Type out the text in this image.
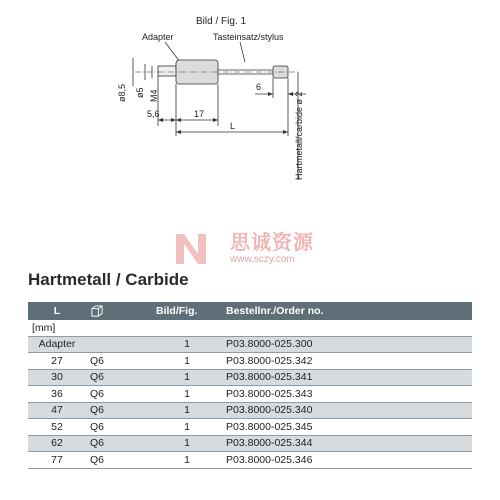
Bild / Fig. 1
Adapter	Tasteinsatz/stylus
ø8,5 ø5 M4
5,6	17
L
6
Hartmetall/carbide ø 2
思诚资源
www.sczy.com
Hartmetall / Carbide
L		Bild/Fig.	Bestellnr./Order no.
[mm]			
Adapter		1	P03.8000-025.300
27	Q6	1	P03.8000-025.342
30	Q6	1	P03.8000-025.341
36	Q6	1	P03.8000-025.343
47	Q6	1	P03.8000-025.340
52	Q6	1	P03.8000-025.345
62	Q6	1	P03.8000-025.344
77	Q6	1	P03.8000-025.346
